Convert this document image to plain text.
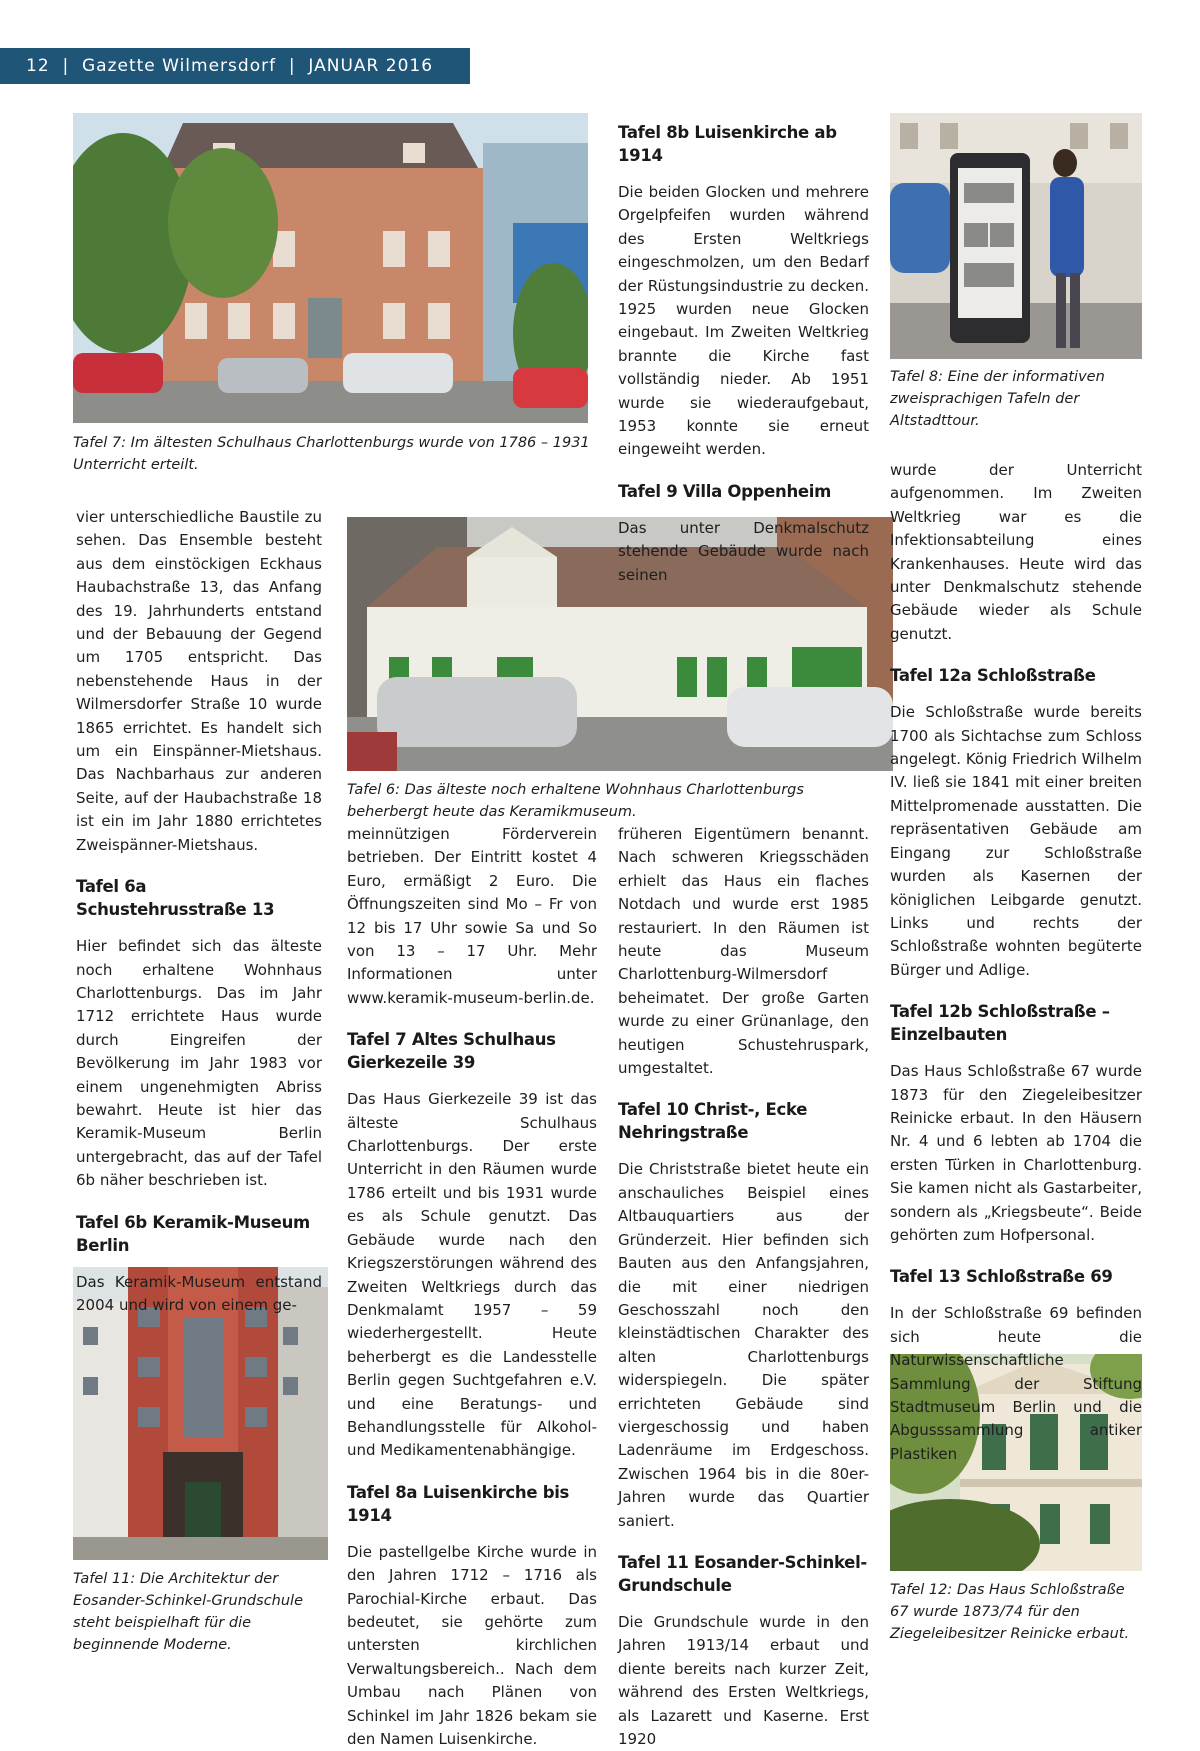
12 | Gazette Wilmersdorf | JANUAR 2016

Tafel 7: Im ältesten Schulhaus Charlottenburgs wurde von 1786 – 1931 Unterricht erteilt.

Tafel 8: Eine der informativen zweisprachigen Tafeln der Altstadttour.

Tafel 6: Das älteste noch erhaltene Wohnhaus Charlottenburgs beherbergt heute das Keramikmuseum.

Tafel 11: Die Architektur der Eosander-Schinkel-Grundschule steht beispielhaft für die beginnende Moderne.

Tafel 12: Das Haus Schloßstraße 67 wurde 1873/74 für den Ziegeleibesitzer Reinicke erbaut.

vier unterschiedliche Baustile zu sehen. Das Ensemble besteht aus dem einstöckigen Eckhaus Haubachstraße 13, das Anfang des 19. Jahrhunderts entstand und der Bebauung der Gegend um 1705 entspricht. Das nebenstehende Haus in der Wilmersdorfer Straße 10 wurde 1865 errichtet. Es handelt sich um ein Einspänner-Mietshaus. Das Nachbarhaus zur anderen Seite, auf der Haubachstraße 18 ist ein im Jahr 1880 errichtetes Zweispänner-Mietshaus.

Tafel 6a Schustehrusstraße 13

Hier befindet sich das älteste noch erhaltene Wohnhaus Charlottenburgs. Das im Jahr 1712 errichtete Haus wurde durch Eingreifen der Bevölkerung im Jahr 1983 vor einem ungenehmigten Abriss bewahrt. Heute ist hier das Keramik-Museum Berlin untergebracht, das auf der Tafel 6b näher beschrieben ist.

Tafel 6b Keramik-Museum Berlin

Das Keramik-Museum entstand 2004 und wird von einem ge-

meinnützigen Förderverein betrieben. Der Eintritt kostet 4 Euro, ermäßigt 2 Euro. Die Öffnungszeiten sind Mo – Fr von 12 bis 17 Uhr sowie Sa und So von 13 – 17 Uhr. Mehr Informationen unter www.keramik-museum-berlin.de.

Tafel 7 Altes Schulhaus Gierkezeile 39

Das Haus Gierkezeile 39 ist das älteste Schulhaus Charlottenburgs. Der erste Unterricht in den Räumen wurde 1786 erteilt und bis 1931 wurde es als Schule genutzt. Das Gebäude wurde nach den Kriegszerstörungen während des Zweiten Weltkriegs durch das Denkmalamt 1957 – 59 wiederhergestellt. Heute beherbergt es die Landesstelle Berlin gegen Suchtgefahren e.V. und eine Beratungs- und Behandlungsstelle für Alkohol- und Medikamentenabhängige.

Tafel 8a Luisenkirche bis 1914

Die pastellgelbe Kirche wurde in den Jahren 1712 – 1716 als Parochial-Kirche erbaut. Das bedeutet, sie gehörte zum untersten kirchlichen Verwaltungsbereich.. Nach dem Umbau nach Plänen von Schinkel im Jahr 1826 bekam sie den Namen Luisenkirche.

Tafel 8b Luisenkirche ab 1914

Die beiden Glocken und mehrere Orgelpfeifen wurden während des Ersten Weltkriegs eingeschmolzen, um den Bedarf der Rüstungsindustrie zu decken. 1925 wurden neue Glocken eingebaut. Im Zweiten Weltkrieg brannte die Kirche fast vollständig nieder. Ab 1951 wurde sie wiederaufgebaut, 1953 konnte sie erneut eingeweiht werden.

Tafel 9 Villa Oppenheim

Das unter Denkmalschutz stehende Gebäude wurde nach seinen

früheren Eigentümern benannt. Nach schweren Kriegsschäden erhielt das Haus ein flaches Notdach und wurde erst 1985 restauriert. In den Räumen ist heute das Museum Charlottenburg-Wilmersdorf beheimatet. Der große Garten wurde zu einer Grünanlage, den heutigen Schustehruspark, umgestaltet.

Tafel 10 Christ-, Ecke Nehringstraße

Die Christstraße bietet heute ein anschauliches Beispiel eines Altbauquartiers aus der Gründerzeit. Hier befinden sich Bauten aus den Anfangsjahren, die mit einer niedrigen Geschosszahl noch den kleinstädtischen Charakter des alten Charlottenburgs widerspiegeln. Die später errichteten Gebäude sind viergeschossig und haben Ladenräume im Erdgeschoss. Zwischen 1964 bis in die 80er-Jahren wurde das Quartier saniert.

Tafel 11 Eosander-Schinkel-Grundschule

Die Grundschule wurde in den Jahren 1913/14 erbaut und diente bereits nach kurzer Zeit, während des Ersten Weltkriegs, als Lazarett und Kaserne. Erst 1920

wurde der Unterricht aufgenommen. Im Zweiten Weltkrieg war es die Infektionsabteilung eines Krankenhauses. Heute wird das unter Denkmalschutz stehende Gebäude wieder als Schule genutzt.

Tafel 12a Schloßstraße

Die Schloßstraße wurde bereits 1700 als Sichtachse zum Schloss angelegt. König Friedrich Wilhelm IV. ließ sie 1841 mit einer breiten Mittelpromenade ausstatten. Die repräsentativen Gebäude am Eingang zur Schloßstraße wurden als Kasernen der königlichen Leibgarde genutzt. Links und rechts der Schloßstraße wohnten begüterte Bürger und Adlige.

Tafel 12b Schloßstraße – Einzelbauten

Das Haus Schloßstraße 67 wurde 1873 für den Ziegeleibesitzer Reinicke erbaut. In den Häusern Nr. 4 und 6 lebten ab 1704 die ersten Türken in Charlottenburg. Sie kamen nicht als Gastarbeiter, sondern als „Kriegsbeute“. Beide gehörten zum Hofpersonal.

Tafel 13 Schloßstraße 69

In der Schloßstraße 69 befinden sich heute die Naturwissenschaftliche Sammlung der Stiftung Stadtmuseum Berlin und die Abgusssammlung antiker Plastiken
